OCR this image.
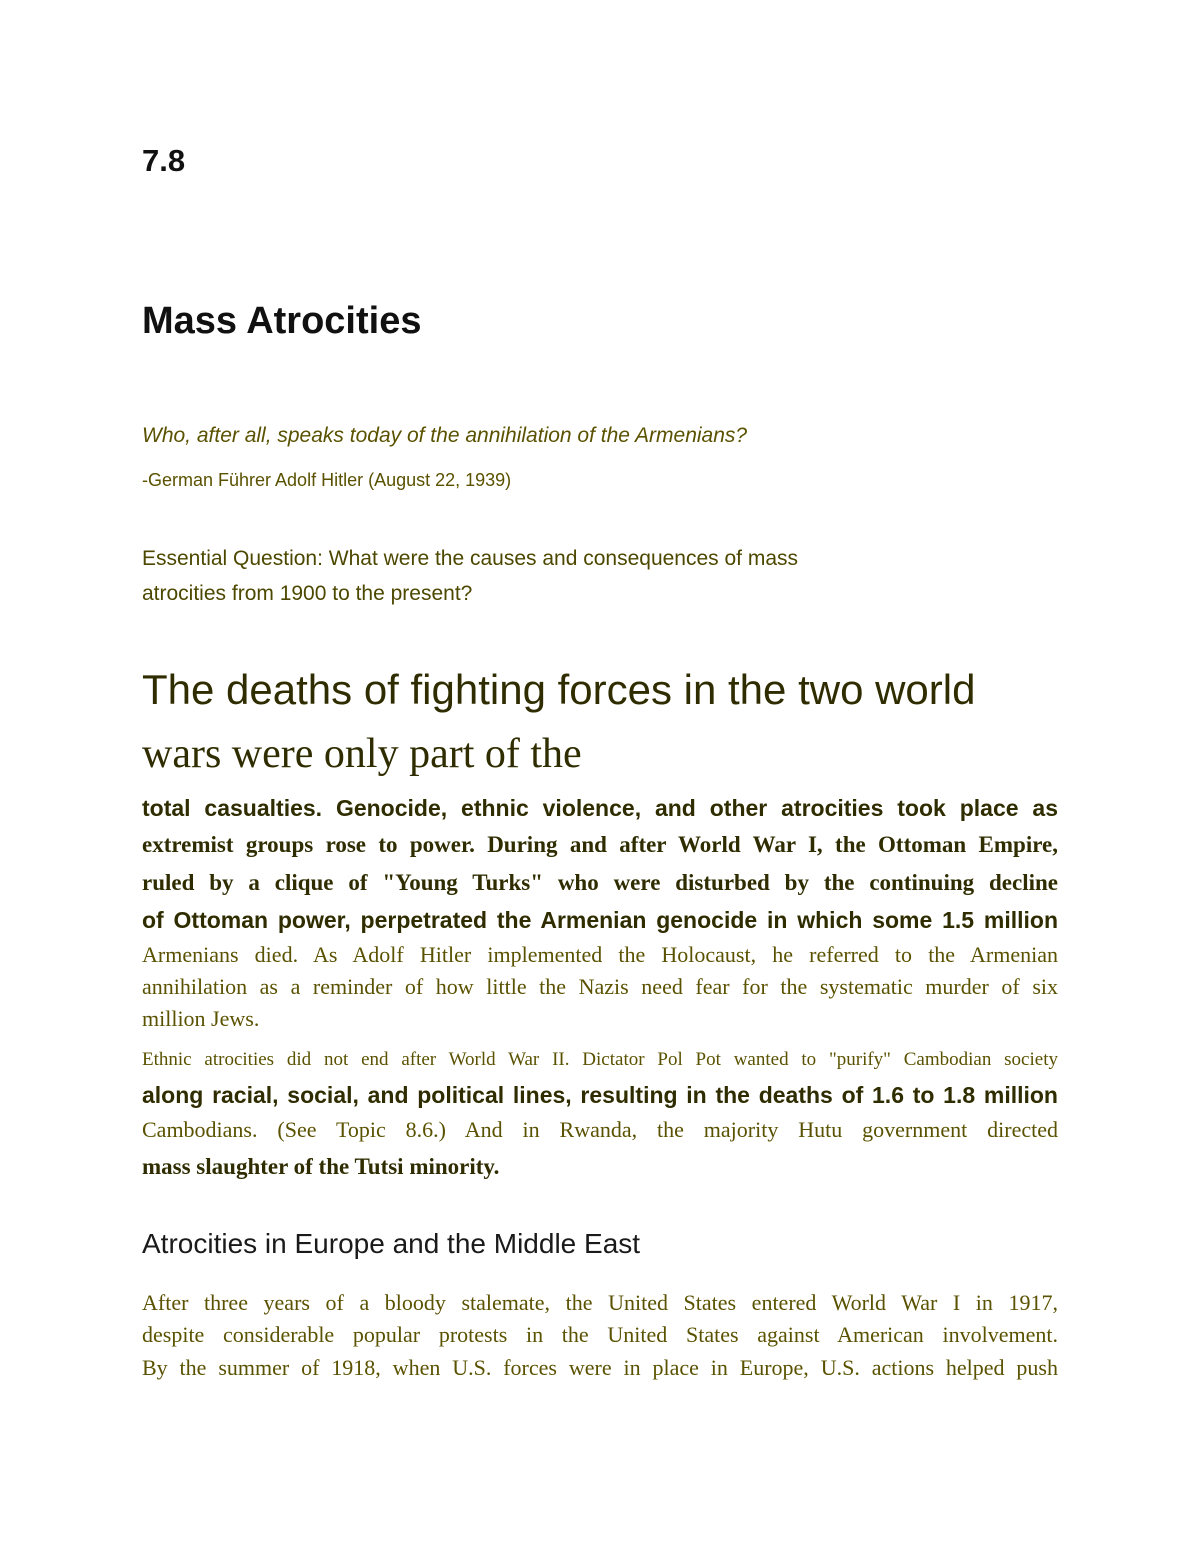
7.8
Mass Atrocities
Who, after all, speaks today of the annihilation of the Armenians?
-German Führer Adolf Hitler (August 22, 1939)
Essential Question: What were the causes and consequences of mass
atrocities from 1900 to the present?
The deaths of fighting forces in the two world
wars were only part of the
total casualties. Genocide, ethnic violence, and other atrocities took place as
extremist groups rose to power. During and after World War I, the Ottoman Empire,
ruled by a clique of "Young Turks" who were disturbed by the continuing decline
of Ottoman power, perpetrated the Armenian genocide in which some 1.5 million
Armenians died. As Adolf Hitler implemented the Holocaust, he referred to the Armenian
annihilation as a reminder of how little the Nazis need fear for the systematic murder of six
million Jews.
Ethnic atrocities did not end after World War II. Dictator Pol Pot wanted to "purify" Cambodian society
along racial, social, and political lines, resulting in the deaths of 1.6 to 1.8 million
Cambodians. (See Topic 8.6.) And in Rwanda, the majority Hutu government directed
mass slaughter of the Tutsi minority.
Atrocities in Europe and the Middle East
After three years of a bloody stalemate, the United States entered World War I in 1917,
despite considerable popular protests in the United States against American involvement.
By the summer of 1918, when U.S. forces were in place in Europe, U.S. actions helped push
